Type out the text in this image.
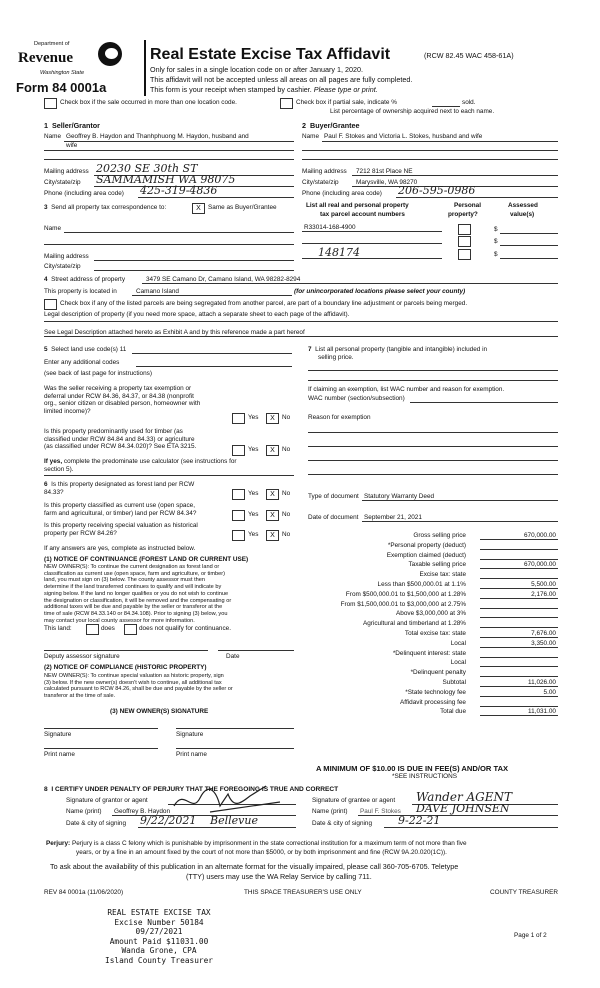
Department of
Revenue
Washington State
Form 84 0001a
Real Estate Excise Tax Affidavit	(RCW 82.45 WAC 458-61A)
Only for sales in a single location code on or after January 1, 2020.
This affidavit will not be accepted unless all areas on all pages are fully completed.
This form is your receipt when stamped by cashier. Please type or print.
Check box if the sale occurred in more than one location code.	Check box if partial sale, indicate %	sold.
List percentage of ownership acquired next to each name.
1 Seller/Grantor
Name Geoffrey B. Haydon and Thanhphuong M. Haydon, husband and
wife
Mailing address 20230 SE 30th ST
City/state/zip SAMMAMISH WA 98075
Phone (including area code) 425-319-4836
2 Buyer/Grantee
Name Paul F. Stokes and Victoria L. Stokes, husband and wife
Mailing address 7212 81st Place NE
City/state/zip	Marysville, WA 98270
Phone (including area code) 206-595-0986
3 Send all property tax correspondence to:	X	Same as Buyer/Grantee
Name
Mailing address
City/state/zip
List all real and personal property
tax parcel account numbers
Personal
property?
Assessed
value(s)
R33014-168-4900	$
$
148174	$
4 Street address of property	3479 SE Camano Dr, Camano Island, WA 98282-8294
This property is located in	Camano Island	(for unincorporated locations please select your county)
Check box if any of the listed parcels are being segregated from another parcel, are part of a boundary line adjustment or parcels being merged.
Legal description of property (if you need more space, attach a separate sheet to each page of the affidavit).
See Legal Description attached hereto as Exhibit A and by this reference made a part hereof
5 Select land use code(s) 11
Enter any additional codes
(see back of last page for instructions)
Was the seller receiving a property tax exemption or
deferral under RCW 84.36, 84.37, or 84.38 (nonprofit
org., senior citizen or disabled person, homeowner with
limited income)?
Yes	X	No
Is this property predominantly used for timber (as
classified under RCW 84.84 and 84.33) or agriculture
(as classified under RCW 84.34.020)? See ETA 3215.	Yes	X	No
If yes, complete the predominate use calculator (see instructions for
section 5).
6 Is this property designated as forest land per RCW
84.33?	Yes	X	No
Is this property classified as current use (open space,
farm and agricultural, or timber) land per RCW 84.34?	Yes	X	No
Is this property receiving special valuation as historical
property per RCW 84.26?	Yes	X	No
If any answers are yes, complete as instructed below.
(1) NOTICE OF CONTINUANCE (FOREST LAND OR CURRENT USE)
NEW OWNER(S): To continue the current designation as forest land or
classification as current use (open space, farm and agriculture, or timber)
land, you must sign on (3) below. The county assessor must then
determine if the land transferred continues to qualify and will indicate by
signing below. If the land no longer qualifies or you do not wish to continue
the designation or classification, it will be removed and the compensating or
additional taxes will be due and payable by the seller or transferor at the
time of sale (RCW 84.33.140 or 84.34.108). Prior to signing (3) below, you
may contact your local county assessor for more information.
This land:	does	does not qualify for continuance.
Deputy assessor signature	Date
(2) NOTICE OF COMPLIANCE (HISTORIC PROPERTY)
NEW OWNER(S): To continue special valuation as historic property, sign
(3) below. If the new owner(s) doesn't wish to continue, all additional tax
calculated pursuant to RCW 84.26, shall be due and payable by the seller or
transferor at the time of sale.
(3) NEW OWNER(S) SIGNATURE
Signature	Signature
Print name	Print name
7 List all personal property (tangible and intangible) included in
selling price.
If claiming an exemption, list WAC number and reason for exemption.
WAC number (section/subsection)
Reason for exemption
Type of document Statutory Warranty Deed
Date of document September 21, 2021
Gross selling price	670,000.00
*Personal property (deduct)
Exemption claimed (deduct)
Taxable selling price	670,000.00
Excise tax: state
Less than $500,000.01 at 1.1%	5,500.00
From $500,000.01 to $1,500,000 at 1.28%	2,176.00
From $1,500,000.01 to $3,000,000 at 2.75%
Above $3,000,000 at 3%
Agricultural and timberland at 1.28%
Total excise tax: state	7,676.00
Local	3,350.00
*Delinquent interest: state
Local
*Delinquent penalty
Subtotal	11,026.00
*State technology fee	5.00
Affidavit processing fee
Total due	11,031.00
A MINIMUM OF $10.00 IS DUE IN FEE(S) AND/OR TAX
*SEE INSTRUCTIONS
8 I CERTIFY UNDER PENALTY OF PERJURY THAT THE FOREGOING IS TRUE AND CORRECT
Signature of grantor or agent
Name (print) Geoffrey B. Haydon
Date & city of signing 9/22/2021 Bellevue
Signature of grantee or agent Wander AGENT
Name (print) Paul F. Stokes DAVE JOHNSEN
Date & city of signing 9-22-21
Perjury: Perjury is a class C felony which is punishable by imprisonment in the state correctional institution for a maximum term of not more than five
years, or by a fine in an amount fixed by the court of not more than $5000, or by both imprisonment and fine (RCW 9A.20.020(1C)).
To ask about the availability of this publication in an alternate format for the visually impaired, please call 360-705-6705. Teletype
(TTY) users may use the WA Relay Service by calling 711.
REV 84 0001a (11/06/2020)	THIS SPACE TREASURER'S USE ONLY	COUNTY TREASURER
REAL ESTATE EXCISE TAX
Excise Number 50184
09/27/2021
Amount Paid $11031.00
Wanda Grone, CPA
Island County Treasurer
Page 1 of 2
